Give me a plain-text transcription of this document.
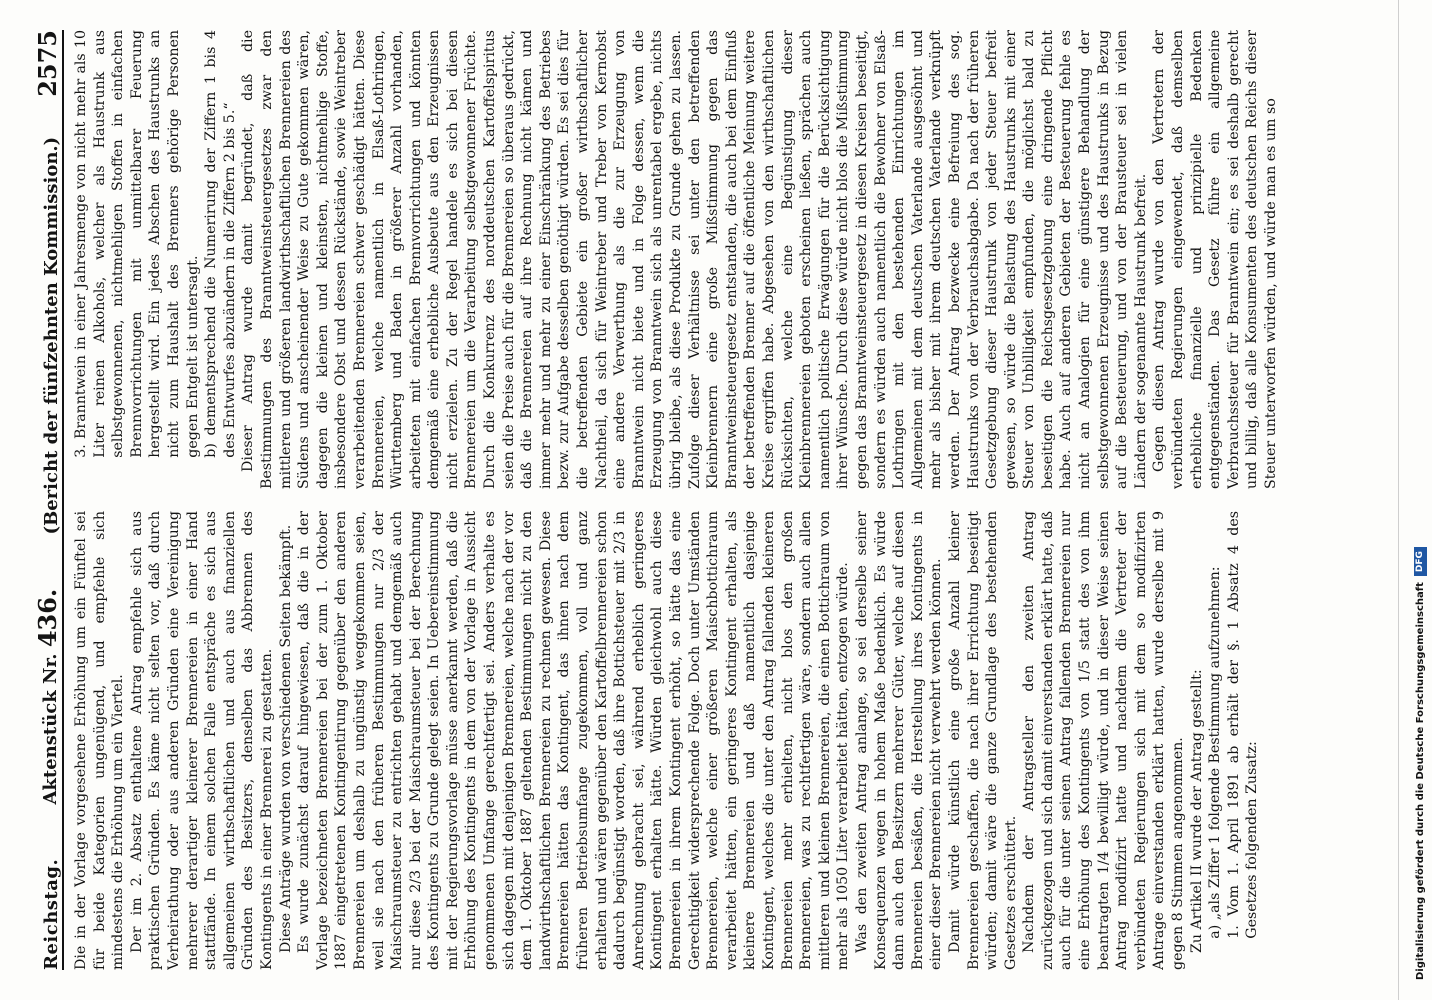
Reichstag.
Aktenstück Nr. 436.
(Bericht der fünfzehnten Kommission.)
2575

Die in der Vorlage vorgesehene Erhöhung um ein Fünftel sei für beide Kategorien ungenügend, und empfehle sich mindestens die Erhöhung um ein Viertel. Der im 2. Absatz enthaltene Antrag empfehle sich aus praktischen Gründen. Es käme nicht selten vor, daß durch Verheirathung oder aus anderen Gründen eine Vereinigung mehrerer derartiger kleinerer Brennereien in einer Hand stattfände. In einem solchen Falle entspräche es sich aus allgemeinen wirthschaftlichen und auch aus finanziellen Gründen des Besitzers, denselben das Abbrennen des Kontingents in einer Brennerei zu gestatten. Diese Anträge wurden von verschiedenen Seiten bekämpft. Es wurde zunächst darauf hingewiesen, daß die in der Vorlage bezeichneten Brennereien bei der zum 1. Oktober 1887 eingetretenen Kontingentirung gegenüber den anderen Brennereien um deshalb zu ungünstig weggekommen seien, weil sie nach den früheren Bestimmungen nur 2/3 der Maischraumsteuer zu entrichten gehabt und demgemäß auch nur diese 2/3 bei der Maischraumsteuer bei der Berechnung des Kontingents zu Grunde gelegt seien. In Uebereinstimmung mit der Regierungsvorlage müsse anerkannt werden, daß die Erhöhung des Kontingents in dem von der Vorlage in Aussicht genommenen Umfange gerechtfertigt sei. Anders verhalte es sich dagegen mit denjenigen Brennereien, welche nach der vor dem 1. Oktober 1887 geltenden Bestimmungen nicht zu den landwirthschaftlichen Brennereien zu rechnen gewesen. Diese Brennereien hätten das Kontingent, das ihnen nach dem früheren Betriebsumfange zugekommen, voll und ganz erhalten und wären gegenüber den Kartoffelbrennereien schon dadurch begünstigt worden, daß ihre Bottichsteuer mit 2/3 in Anrechnung gebracht sei, während erheblich geringeres Kontingent erhalten hätte. Würden gleichwohl auch diese Brennereien in ihrem Kontingent erhöht, so hätte das eine Gerechtigkeit widersprechende Folge. Doch unter Umständen Brennereien, welche einer größeren Maischbottichraum verarbeitet hätten, ein geringeres Kontingent erhalten, als kleinere Brennereien und daß namentlich dasjenige Kontingent, welches die unter den Antrag fallenden kleineren Brennereien mehr erhielten, nicht blos den großen Brennereien, was zu rechtfertigen wäre, sondern auch allen mittleren und kleinen Brennereien, die einen Bottichraum von mehr als 1050 Liter verarbeitet hätten, entzogen würde. Was den zweiten Antrag anlange, so sei derselbe seiner Konsequenzen wegen in hohem Maße bedenklich. Es würde dann auch den Besitzern mehrerer Güter, welche auf diesen Brennereien besäßen, die Herstellung ihres Kontingents in einer dieser Brennereien nicht verwehrt werden können. Damit würde künstlich eine große Anzahl kleiner Brennereien geschaffen, die nach ihrer Errichtung beseitigt würden; damit wäre die ganze Grundlage des bestehenden Gesetzes erschüttert. Nachdem der Antragsteller den zweiten Antrag zurückgezogen und sich damit einverstanden erklärt hatte, daß auch für die unter seinen Antrag fallenden Brennereien nur eine Erhöhung des Kontingents von 1/5 statt des von ihm beantragten 1/4 bewilligt würde, und in dieser Weise seinen Antrag modifizirt hatte und nachdem die Vertreter der verbündeten Regierungen sich mit dem so modifizirten Antrage einverstanden erklärt hatten, wurde derselbe mit 9 gegen 8 Stimmen angenommen. Zu Artikel II wurde der Antrag gestellt: a) „als Ziffer 1 folgende Bestimmung aufzunehmen: 1. Vom 1. April 1891 ab erhält der §. 1 Absatz 4 des Gesetzes folgenden Zusatz:

3. Branntwein in einer Jahresmenge von nicht mehr als 10 Liter reinen Alkohols, welcher als Haustrunk aus selbstgewonnenen, nichtmehligen Stoffen in einfachen Brennvorrichtungen mit unmittelbarer Feuerung hergestellt wird. Ein jedes Abschen des Haustrunks an nicht zum Haushalt des Brenners gehörige Personen gegen Entgelt ist untersagt. b) dementsprechend die Numerirung der Ziffern 1 bis 4 des Entwurfes abzuändern in die Ziffern 2 bis 5.“ Dieser Antrag wurde damit begründet, daß die Bestimmungen des Branntweinsteuergesetzes zwar den mittleren und größeren landwirthschaftlichen Brennereien des Südens und anscheinender Weise zu Gute gekommen wären, dagegen die kleinen und kleinsten, nichtmehlige Stoffe, insbesondere Obst und dessen Rückstände, sowie Weintreber verarbeitenden Brennereien schwer geschädigt hätten. Diese Brennereien, welche namentlich in Elsaß-Lothringen, Württemberg und Baden in größerer Anzahl vorhanden, arbeiteten mit einfachen Brennvorrichtungen und könnten demgemäß eine erhebliche Ausbeute aus den Erzeugnissen nicht erzielen. Zu der Regel handele es sich bei diesen Brennereien um die Verarbeitung selbstgewonnener Früchte. Durch die Konkurrenz des norddeutschen Kartoffelspiritus seien die Preise auch für die Brennereien so überaus gedrückt, daß die Brennereien auf ihre Rechnung nicht kämen und immer mehr und mehr zu einer Einschränkung des Betriebes bezw. zur Aufgabe desselben genöthigt würden. Es sei dies für die betreffenden Gebiete ein großer wirthschaftlicher Nachtheil, da sich für Weintreber und Treber von Kernobst eine andere Verwerthung als die zur Erzeugung von Branntwein nicht biete und in Folge dessen, wenn die Erzeugung von Branntwein sich als unrentabel ergebe, nichts übrig bleibe, als diese Produkte zu Grunde gehen zu lassen. Zufolge dieser Verhältnisse sei unter den betreffenden Kleinbrennern eine große Mißstimmung gegen das Branntweinsteuergesetz entstanden, die auch bei dem Einfluß der betreffenden Brenner auf die öffentliche Meinung weitere Kreise ergriffen habe. Abgesehen von den wirthschaftlichen Rücksichten, welche eine Begünstigung dieser Kleinbrennereien geboten erscheinen ließen, sprächen auch namentlich politische Erwägungen für die Berücksichtigung ihrer Wünsche. Durch diese würde nicht blos die Mißstimmung gegen das Branntweinsteuergesetz in diesen Kreisen beseitigt, sondern es würden auch namentlich die Bewohner von Elsaß-Lothringen mit den bestehenden Einrichtungen im Allgemeinen mit dem deutschen Vaterlande ausgesöhnt und mehr als bisher mit ihrem deutschen Vaterlande verknüpft werden. Der Antrag bezwecke eine Befreiung des sog. Haustrunks von der Verbrauchsabgabe. Da nach der früheren Gesetzgebung dieser Haustrunk von jeder Steuer befreit gewesen, so würde die Belastung des Haustrunks mit einer Steuer von Unbilligkeit empfunden, die möglichst bald zu beseitigen die Reichsgesetzgebung eine dringende Pflicht habe. Auch auf anderen Gebieten der Besteuerung fehle es nicht an Analogien für eine günstigere Behandlung der selbstgewonnenen Erzeugnisse und des Haustrunks in Bezug auf die Besteuerung, und von der Brausteuer sei in vielen Ländern der sogenannte Haustrunk befreit. Gegen diesen Antrag wurde von den Vertretern der verbündeten Regierungen eingewendet, daß demselben erhebliche finanzielle und prinzipielle Bedenken entgegenständen. Das Gesetz führe ein allgemeine Verbrauchssteuer für Branntwein ein; es sei deshalb gerecht und billig, daß alle Konsumenten des deutschen Reichs dieser Steuer unterworfen würden, und würde man es um so

Digitalisierung gefördert durch die Deutsche Forschungsgemeinschaft
DFG
